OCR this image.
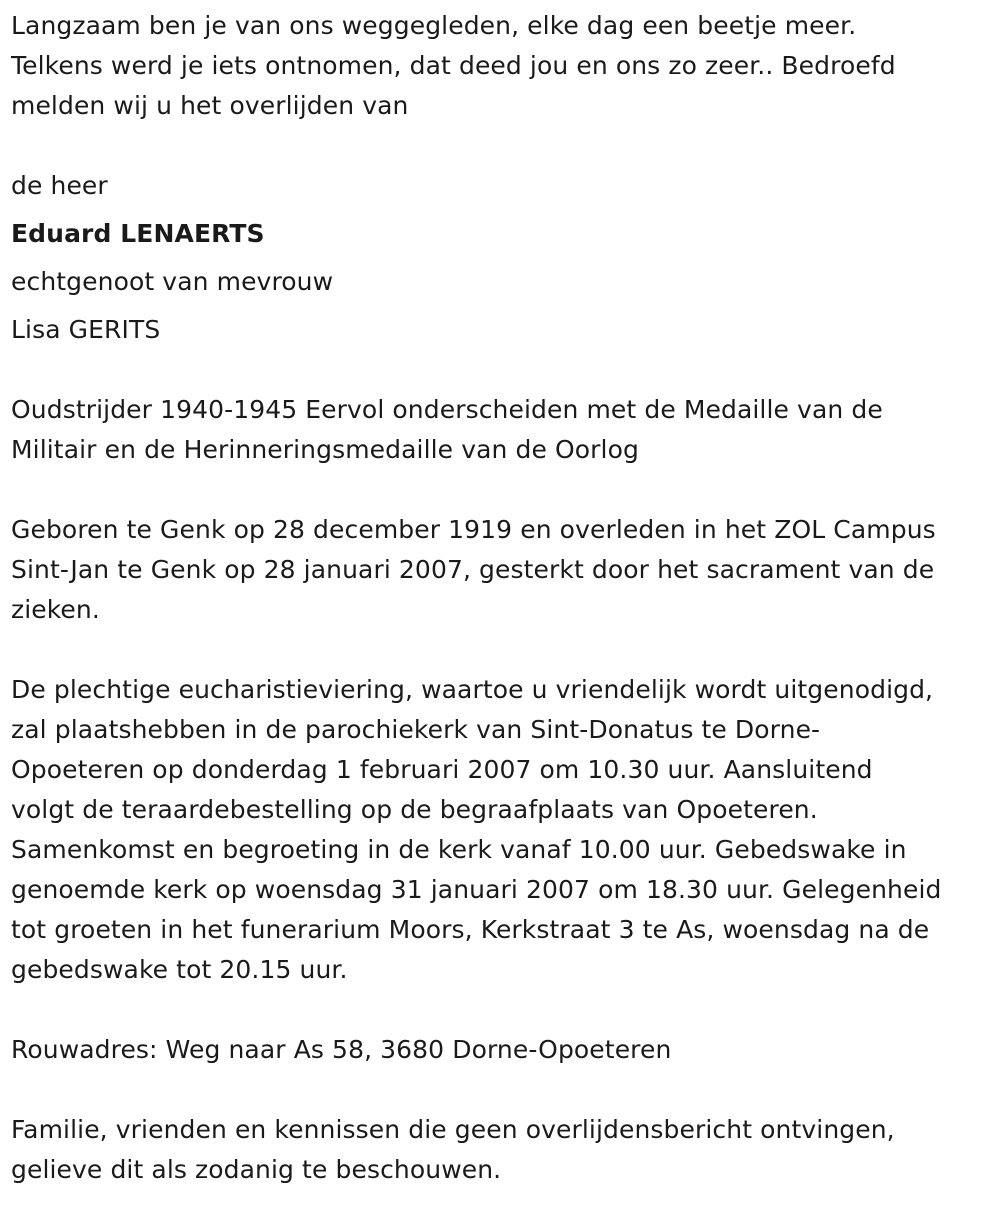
Langzaam ben je van ons weggegleden, elke dag een beetje meer.
Telkens werd je iets ontnomen, dat deed jou en ons zo zeer.. Bedroefd
melden wij u het overlijden van
de heer
Eduard LENAERTS
echtgenoot van mevrouw
Lisa GERITS
Oudstrijder 1940-1945 Eervol onderscheiden met de Medaille van de
Militair en de Herinneringsmedaille van de Oorlog
Geboren te Genk op 28 december 1919 en overleden in het ZOL Campus
Sint-Jan te Genk op 28 januari 2007, gesterkt door het sacrament van de
zieken.
De plechtige eucharistieviering, waartoe u vriendelijk wordt uitgenodigd,
zal plaatshebben in de parochiekerk van Sint-Donatus te Dorne-
Opoeteren op donderdag 1 februari 2007 om 10.30 uur. Aansluitend
volgt de teraardebestelling op de begraafplaats van Opoeteren.
Samenkomst en begroeting in de kerk vanaf 10.00 uur. Gebedswake in
genoemde kerk op woensdag 31 januari 2007 om 18.30 uur. Gelegenheid
tot groeten in het funerarium Moors, Kerkstraat 3 te As, woensdag na de
gebedswake tot 20.15 uur.
Rouwadres: Weg naar As 58, 3680 Dorne-Opoeteren
Familie, vrienden en kennissen die geen overlijdensbericht ontvingen,
gelieve dit als zodanig te beschouwen.
